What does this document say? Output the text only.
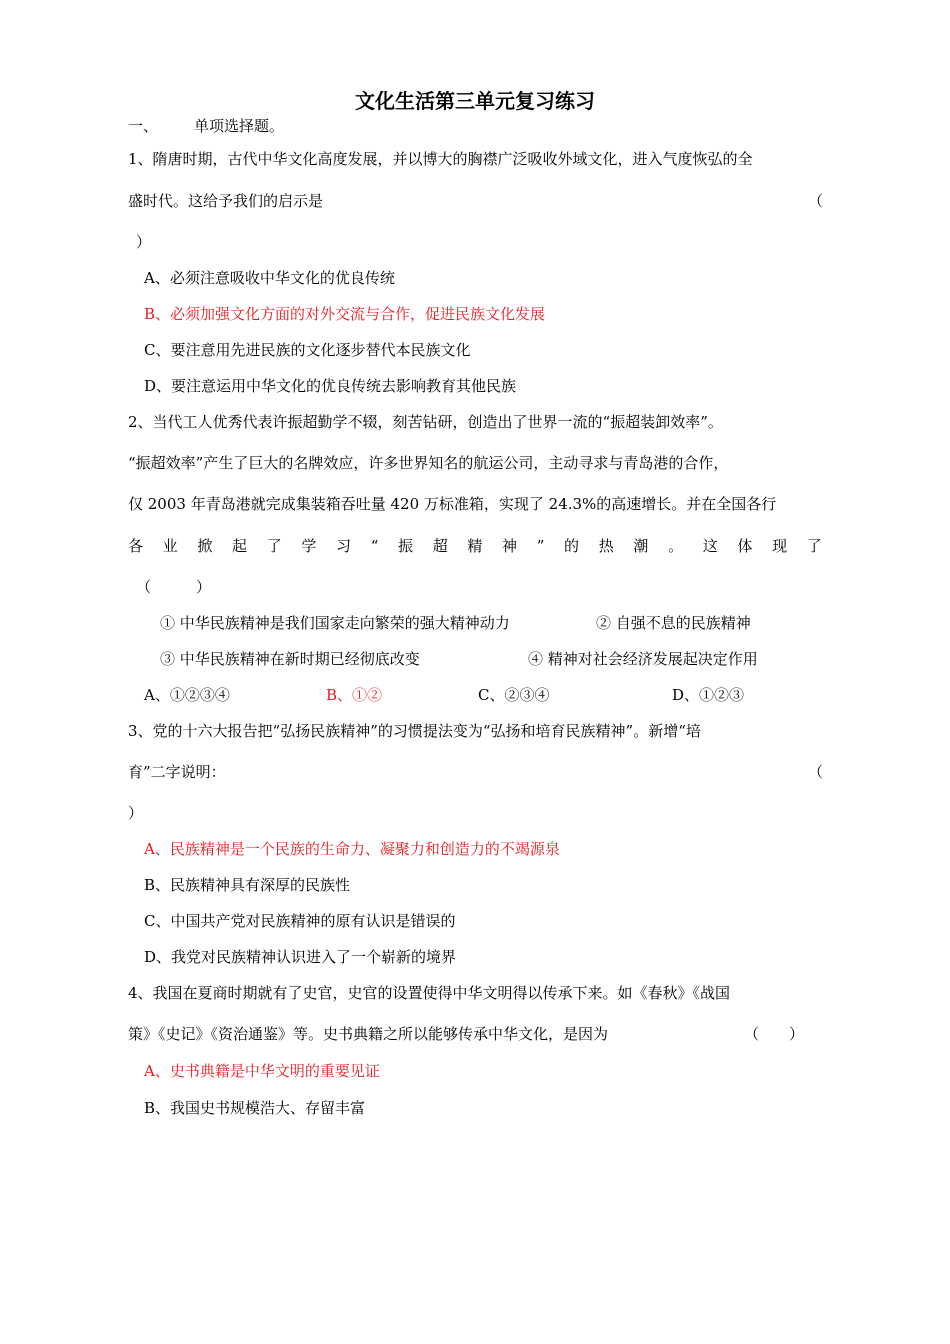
文化生活第三单元复习练习
一、 单项选择题。
1、隋唐时期，古代中华文化高度发展，并以博大的胸襟广泛吸收外域文化，进入气度恢弘的全
盛时代。这给予我们的启示是	（
）
A、必须注意吸收中华文化的优良传统
B、必须加强文化方面的对外交流与合作，促进民族文化发展
C、要注意用先进民族的文化逐步替代本民族文化
D、要注意运用中华文化的优良传统去影响教育其他民族
2、当代工人优秀代表许振超勤学不辍，刻苦钻研，创造出了世界一流的“振超装卸效率”。
“振超效率”产生了巨大的名牌效应，许多世界知名的航运公司，主动寻求与青岛港的合作，
仅 2003 年青岛港就完成集装箱吞吐量 420 万标准箱，实现了 24.3%的高速增长。并在全国各行
各 业 掀 起 了 学 习 “ 振 超 精 神 ” 的 热 潮 。 这 体 现 了
（　　　）
① 中华民族精神是我们国家走向繁荣的强大精神动力	② 自强不息的民族精神
③ 中华民族精神在新时期已经彻底改变	④ 精神对社会经济发展起决定作用
A、①②③④	B、①②	C、②③④	D、①②③
3、党的十六大报告把“弘扬民族精神”的习惯提法变为“弘扬和培育民族精神”。新增“培
育”二字说明：	（
）
A、民族精神是一个民族的生命力、凝聚力和创造力的不竭源泉
B、民族精神具有深厚的民族性
C、中国共产党对民族精神的原有认识是错误的
D、我党对民族精神认识进入了一个崭新的境界
4、我国在夏商时期就有了史官，史官的设置使得中华文明得以传承下来。如《春秋》《战国
策》《史记》《资治通鉴》等。史书典籍之所以能够传承中华文化，是因为	（　　）
A、史书典籍是中华文明的重要见证
B、我国史书规模浩大、存留丰富
